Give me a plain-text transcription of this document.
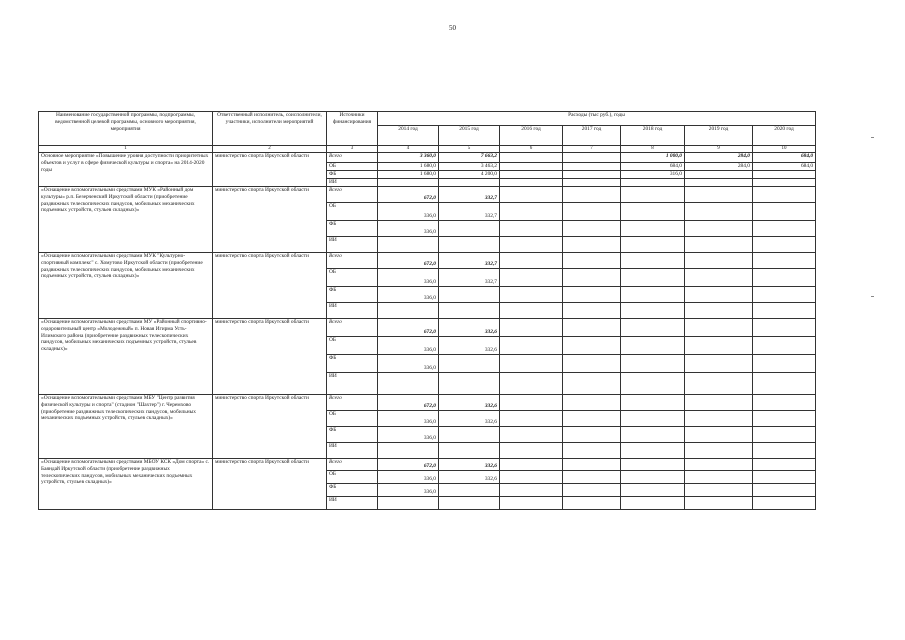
50
Наименование государственной программы, подпрограммы, ведомственной целевой программы, основного мероприятия, мероприятия	Ответственный исполнитель, соисполнители, участники, исполнители мероприятий	Источники финансирования	Расходы (тыс руб.), годы						
			2014 год	2015 год	2016 год	2017 год	2018 год	2019 год	2020 год
1	2	3	4	5	6	7	8	9	10
Основное мероприятие «Повышение уровня доступности приоритетных объектов и услуг в сфере физической культуры и спорта» на 2014-2020 годы	министерство спорта Иркутской области	Всего	3 360,0	7 663,2			1 000,0	284,0	684,0
		ОБ	1 680,0	3 463,2			684,0	284,0	684,0
		ФБ	1 680,0	4 200,0			316,0		
		ИИ							
«Оснащение вспомогательными средствами МУК «Районный дом культуры» р.п. Безерченский Иркутской области (приобретение раздвижных телескопических пандусов, мобильных механических подъемных устройств, стульев складных)»	министерство спорта Иркутской области	Всего	672,0	332,7					
		ОБ	336,0	332,7					
		ФБ	336,0						
		ИИ							
«Оснащение вспомогательными средствами МУК "Культурно-спортивный комплекс" с. Хомутово Иркутской области (приобретение раздвижных телескопических пандусов, мобильных механических подъемных устройств, стульев складных)»	министерство спорта Иркутской области	Всего	672,0	332,7					
		ОБ	336,0	332,7					
		ФБ	336,0						
		ИИ							
«Оснащение вспомогательными средствами МУ «Районный спортивно-оздоровительный центр «Молодежный» п. Новая Игирма Усть-Илимского района (приобретение раздвижных телескопических пандусов, мобильных механических подъемных устройств, стульев складных)»	министерство спорта Иркутской области	Всего	672,0	332,6					
		ОБ	336,0	332,6					
		ФБ	336,0						
		ИИ							
«Оснащение вспомогательными средствами МБУ "Центр развития физической культуры и спорта" (стадион "Шахтер") г. Черемхово (приобретение раздвижных телескопических пандусов, мобильных механических подъемных устройств, стульев складных)»	министерство спорта Иркутской области	Всего	672,0	332,6					
		ОБ	336,0	332,6					
		ФБ	336,0						
		ИИ							
«Оснащение вспомогательными средствами МБОУ КСК «Дом спорта» с. Баяндай Иркутской области (приобретение раздвижных телескопических пандусов, мобильных механических подъемных устройств, стульев складных)»	министерство спорта Иркутской области	Всего	672,0	332,6					
		ОБ	336,0	332,6					
		ФБ	336,0						
		ИИ							
